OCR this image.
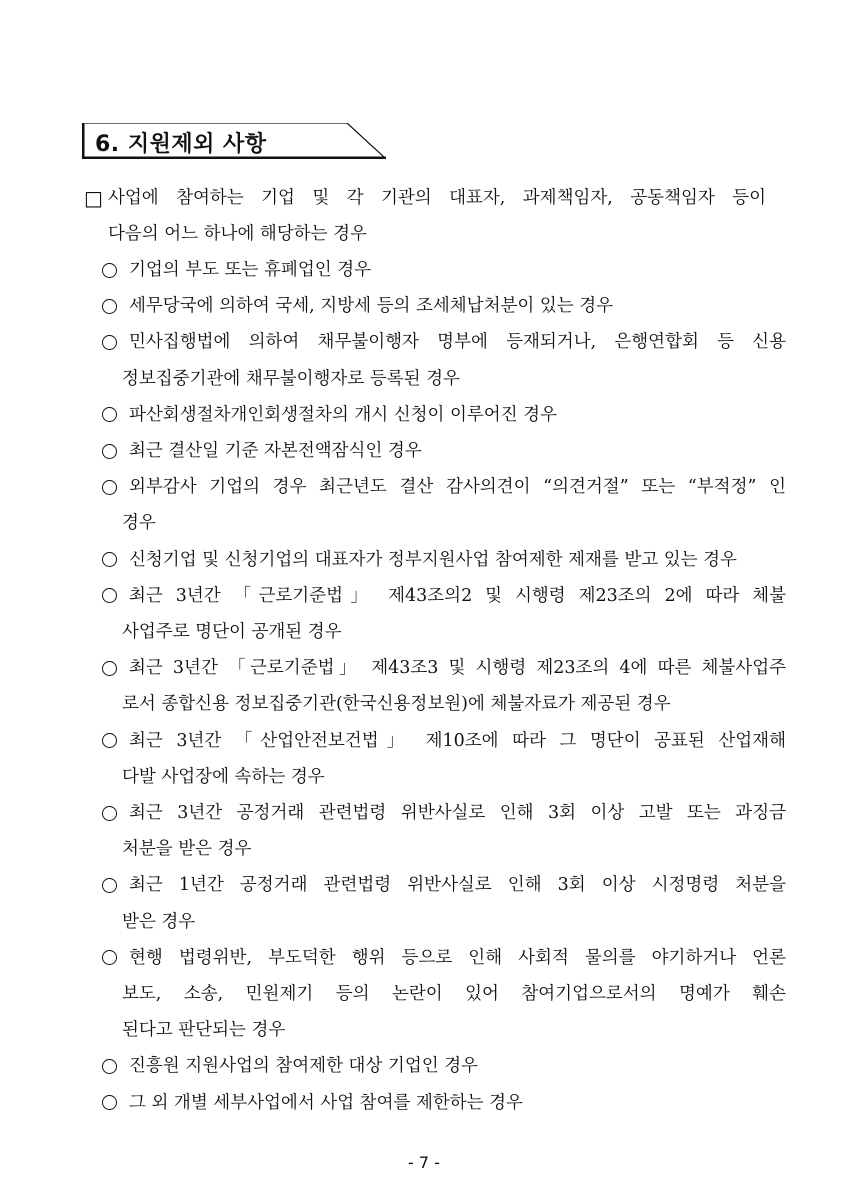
6. 지원제외 사항
□ 사업에 참여하는 기업 및 각 기관의 대표자, 과제책임자, 공동책임자 등이
다음의 어느 하나에 해당하는 경우
기업의 부도 또는 휴폐업인 경우
세무당국에 의하여 국세, 지방세 등의 조세체납처분이 있는 경우
민사집행법에 의하여 채무불이행자 명부에 등재되거나, 은행연합회 등 신용
정보집중기관에 채무불이행자로 등록된 경우
파산회생절차개인회생절차의 개시 신청이 이루어진 경우
최근 결산일 기준 자본전액잠식인 경우
외부감사 기업의 경우 최근년도 결산 감사의견이 “의견거절” 또는 “부적정” 인
경우
신청기업 및 신청기업의 대표자가 정부지원사업 참여제한 제재를 받고 있는 경우
최근 3년간 「근로기준법」 제43조의2 및 시행령 제23조의 2에 따라 체불
사업주로 명단이 공개된 경우
최근 3년간 「근로기준법」 제43조3 및 시행령 제23조의 4에 따른 체불사업주
로서 종합신용 정보집중기관(한국신용정보원)에 체불자료가 제공된 경우
최근 3년간 「산업안전보건법」 제10조에 따라 그 명단이 공표된 산업재해
다발 사업장에 속하는 경우
최근 3년간 공정거래 관련법령 위반사실로 인해 3회 이상 고발 또는 과징금
처분을 받은 경우
최근 1년간 공정거래 관련법령 위반사실로 인해 3회 이상 시정명령 처분을
받은 경우
현행 법령위반, 부도덕한 행위 등으로 인해 사회적 물의를 야기하거나 언론
보도, 소송, 민원제기 등의 논란이 있어 참여기업으로서의 명예가 훼손
된다고 판단되는 경우
진흥원 지원사업의 참여제한 대상 기업인 경우
그 외 개별 세부사업에서 사업 참여를 제한하는 경우
- 7 -
